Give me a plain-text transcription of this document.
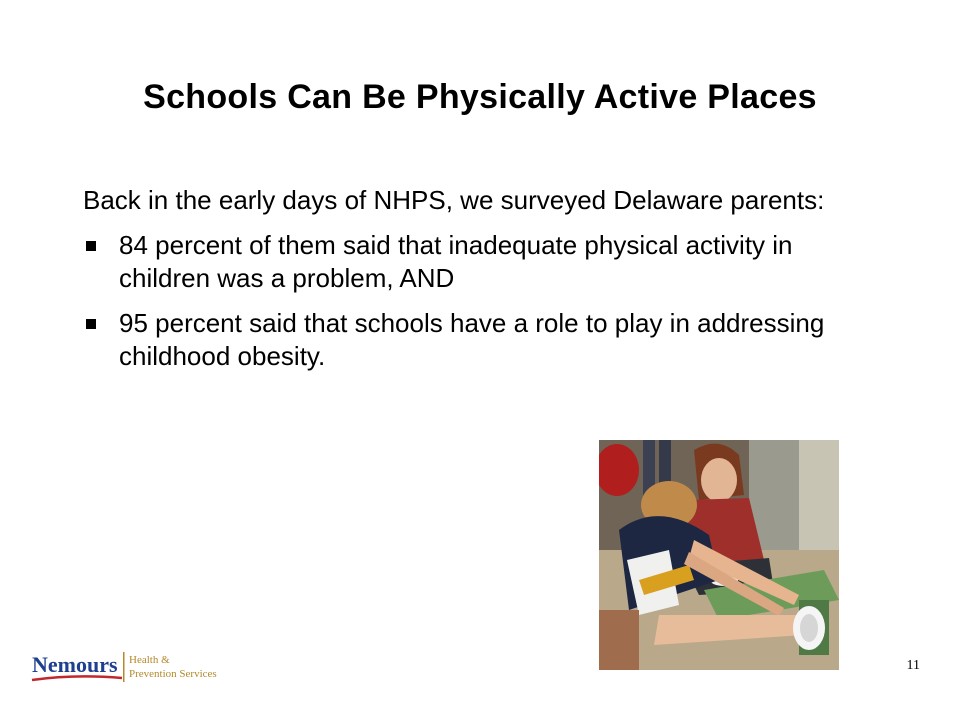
Schools Can Be Physically Active Places

Back in the early days of NHPS, we surveyed Delaware parents:

84 percent of them said that inadequate physical activity in children was a problem, AND
95 percent said that schools have a role to play in addressing childhood obesity.
Nemours Health &
Prevention Services
11
